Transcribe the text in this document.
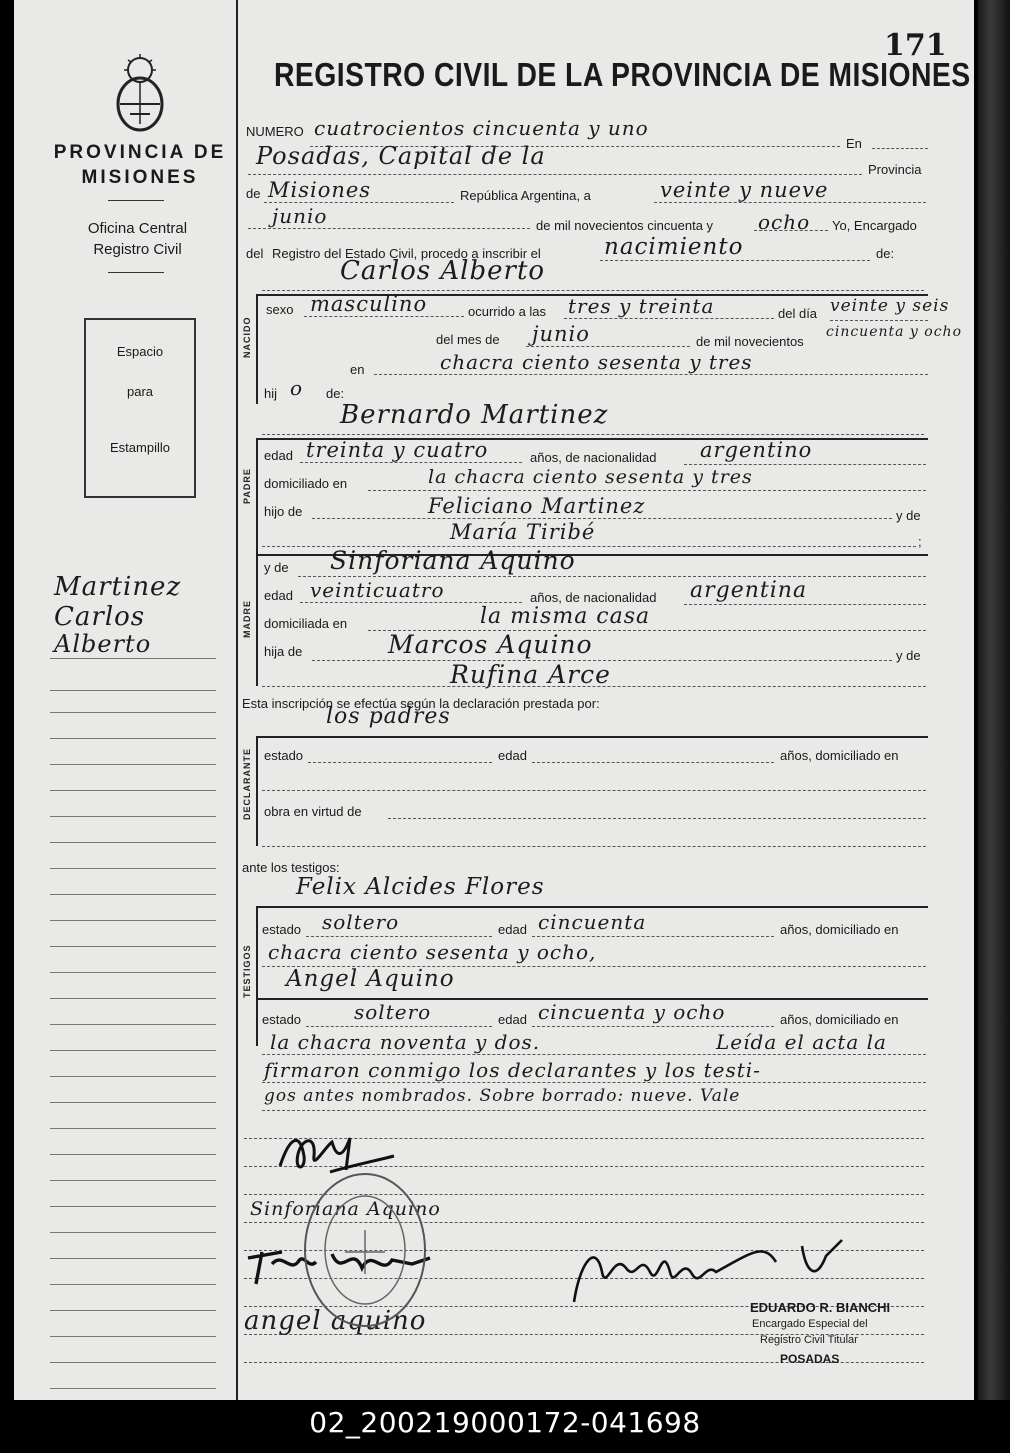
171
REGISTRO CIVIL DE LA PROVINCIA DE MISIONES
PROVINCIA DE MISIONES
Oficina Central Registro Civil
Espacio
para
Estampillo
Martinez
Carlos
Alberto
NUMERO cuatrocientos cincuenta y uno
En
Posadas, Capital de la	Provincia
de Misiones	República Argentina, a	veinte y nueve
junio	de mil novecientos cincuenta y ocho Yo, Encargado
del Registro del Estado Civil, procedo a inscribir el	nacimiento	de:
Carlos Alberto
NACIDO
sexo masculino	ocurrido a las tres y treinta	del día veinte y seis
del mes de junio	de mil novecientos
cincuenta y ocho
en	chacra ciento sesenta y tres
hij o de:
Bernardo Martinez
PADRE
edad treinta y cuatro	años, de nacionalidad argentino
domiciliado en	la chacra ciento sesenta y tres
hijo de	Feliciano Martinez	y de
María Tiribé	;
MADRE
y de Sinforiana Aquino
edad veinticuatro	años, de nacionalidad argentina
domiciliada en	la misma casa
hija de	Marcos Aquino	y de
Rufina Arce
Esta inscripción se efectúa según la declaración prestada por:
los padres
DECLARANTE estado	edad	años, domiciliado en
obra en virtud de
ante los testigos:
Felix Alcides Flores
TESTIGOS
estado soltero	edad cincuenta	años, domiciliado en
chacra ciento sesenta y ocho,
Angel Aquino
estado	soltero	edad cincuenta y ocho	años, domiciliado en
la chacra noventa y dos.	Leída el acta la
firmaron conmigo los declarantes y los testi-
gos antes nombrados. Sobre borrado: nueve. Vale
Sinforiana Aquino
angel aquino	EDUARDO R. BIANCHI
Encargado Especial del
Registro Civil Titular
POSADAS
02_200219000172-041698
